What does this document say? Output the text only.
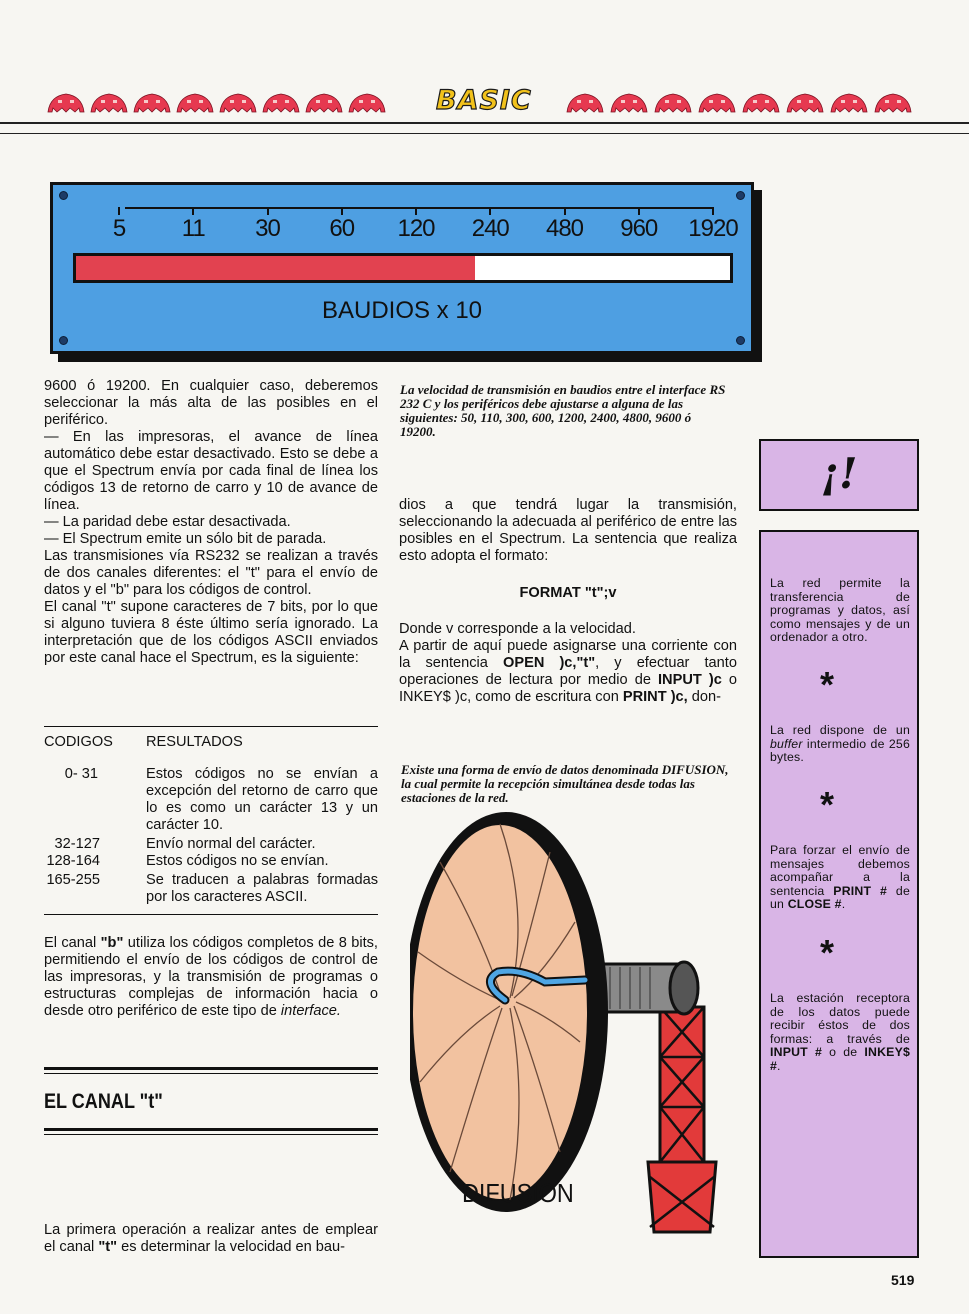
BASIC
BAUDIOS x 10
5 11 30 60 120 240 480 960 1920
La velocidad de transmisión en baudios entre el interface RS 232 C y los periféricos debe ajustarse a alguna de las siguientes: 50, 110, 300, 600, 1200, 2400, 4800, 9600 ó 19200.

9600 ó 19200. En cualquier caso, deberemos seleccionar la más alta de las posibles en el periférico.

— En las impresoras, el avance de línea automático debe estar desactivado. Esto se debe a que el Spectrum envía por cada final de línea los códigos 13 de retorno de carro y 10 de avance de línea.

— La paridad debe estar desactivada.

— El Spectrum emite un sólo bit de parada.

Las transmisiones vía RS232 se realizan a través de dos canales diferentes: el "t" para el envío de datos y el "b" para los códigos de control.

El canal "t" supone caracteres de 7 bits, por lo que si alguno tuviera 8 éste último sería ignorado. La interpretación que de los códigos ASCII enviados por este canal hace el Spectrum, es la siguiente:

CODIGOS RESULTADOS
0- 31	Estos códigos no se envían a excepción del retorno de carro que lo es como un carácter 13 y un carácter 10.
32-127	Envío normal del carácter.
128-164	Estos códigos no se envían.
165-255	Se traducen a palabras formadas por los caracteres ASCII.
El canal "b" utiliza los códigos completos de 8 bits, permitiendo el envío de los códigos de control de las impresoras, y la transmisión de programas o estructuras complejas de información hacia o desde otro periférico de este tipo de interface.
EL CANAL "t"
La primera operación a realizar antes de emplear el canal "t" es determinar la velocidad en bau-
dios a que tendrá lugar la transmisión, seleccionando la adecuada al periférico de entre las posibles en el Spectrum. La sentencia que realiza esto adopta el formato:
FORMAT "t";v
Donde v corresponde a la velocidad.
A partir de aquí puede asignarse una corriente con la sentencia OPEN )c,"t", y efectuar tanto operaciones de lectura por medio de INPUT )c o INKEY$ )c, como de escritura con PRINT )c, don-
Existe una forma de envío de datos denominada DIFUSION, la cual permite la recepción simultánea desde todas las estaciones de la red.
DIFUSION
¡!
La red permite la transferencia de programas y datos, así como mensajes y de un ordenador a otro.
*
La red dispone de un buffer intermedio de 256 bytes.
*
Para forzar el envío de mensajes debemos acompañar a la sentencia PRINT # de un CLOSE #.
*
La estación receptora de los datos puede recibir éstos de dos formas: a través de INPUT # o de INKEY$ #.
519
